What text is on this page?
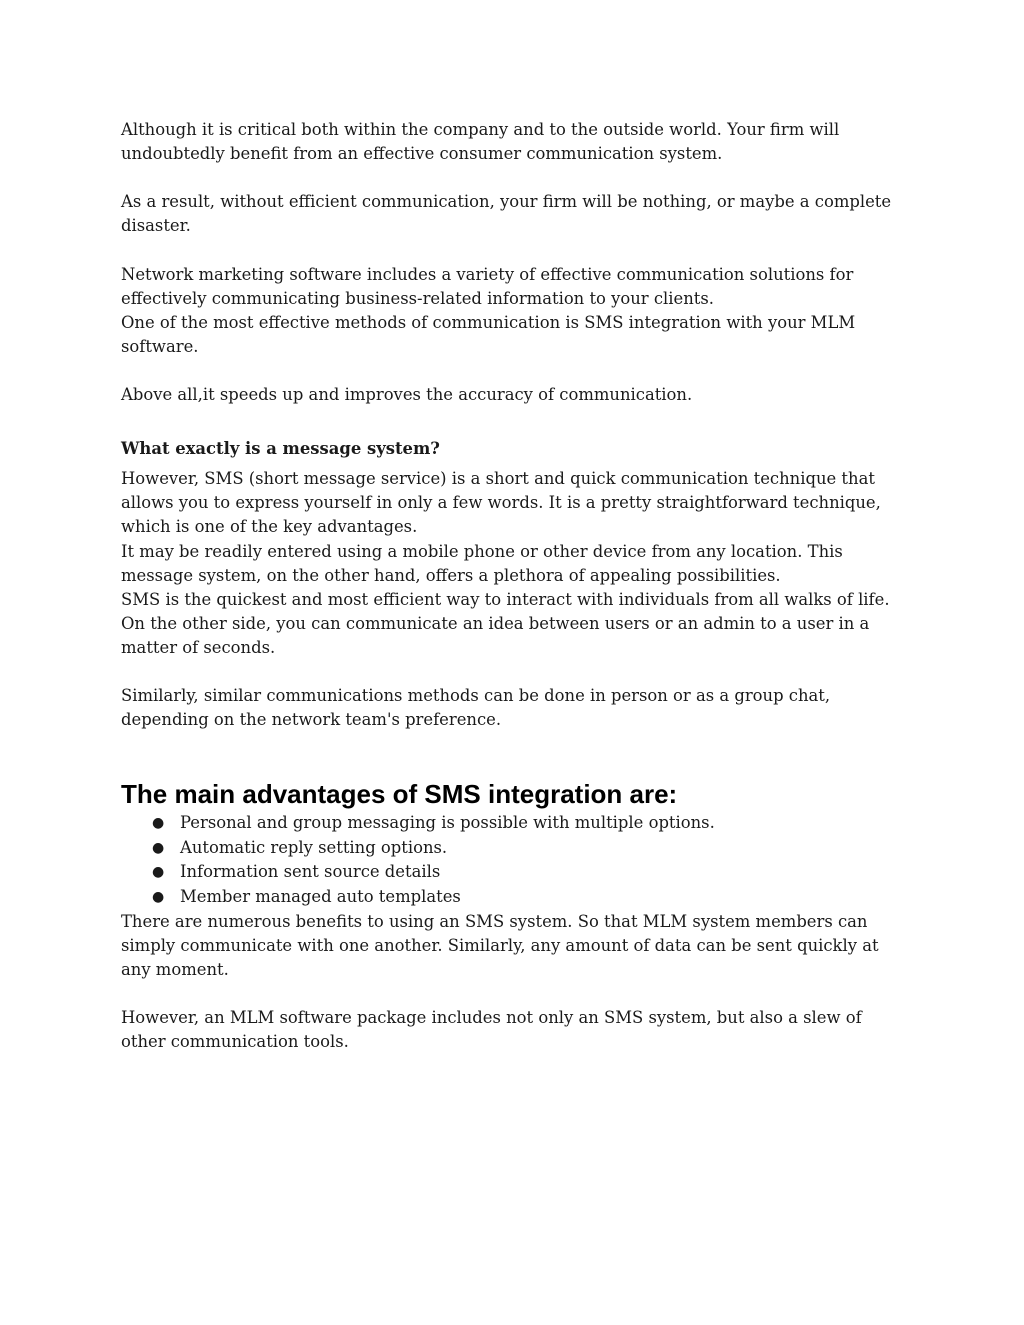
Although it is critical both within the company and to the outside world. Your firm will undoubtedly benefit from an effective consumer communication system.

As a result, without efficient communication, your firm will be nothing, or maybe a complete disaster.

Network marketing software includes a variety of effective communication solutions for effectively communicating business-related information to your clients.

One of the most effective methods of communication is SMS integration with your MLM software.

Above all,it speeds up and improves the accuracy of communication.

What exactly is a message system?

However, SMS (short message service) is a short and quick communication technique that allows you to express yourself in only a few words. It is a pretty straightforward technique, which is one of the key advantages.

It may be readily entered using a mobile phone or other device from any location. This message system, on the other hand, offers a plethora of appealing possibilities.

SMS is the quickest and most efficient way to interact with individuals from all walks of life.

On the other side, you can communicate an idea between users or an admin to a user in a matter of seconds.

Similarly, similar communications methods can be done in person or as a group chat, depending on the network team's preference.

The main advantages of SMS integration are:
● Personal and group messaging is possible with multiple options.
● Automatic reply setting options.
● Information sent source details
● Member managed auto templates

There are numerous benefits to using an SMS system. So that MLM system members can simply communicate with one another. Similarly, any amount of data can be sent quickly at any moment.

However, an MLM software package includes not only an SMS system, but also a slew of other communication tools.
